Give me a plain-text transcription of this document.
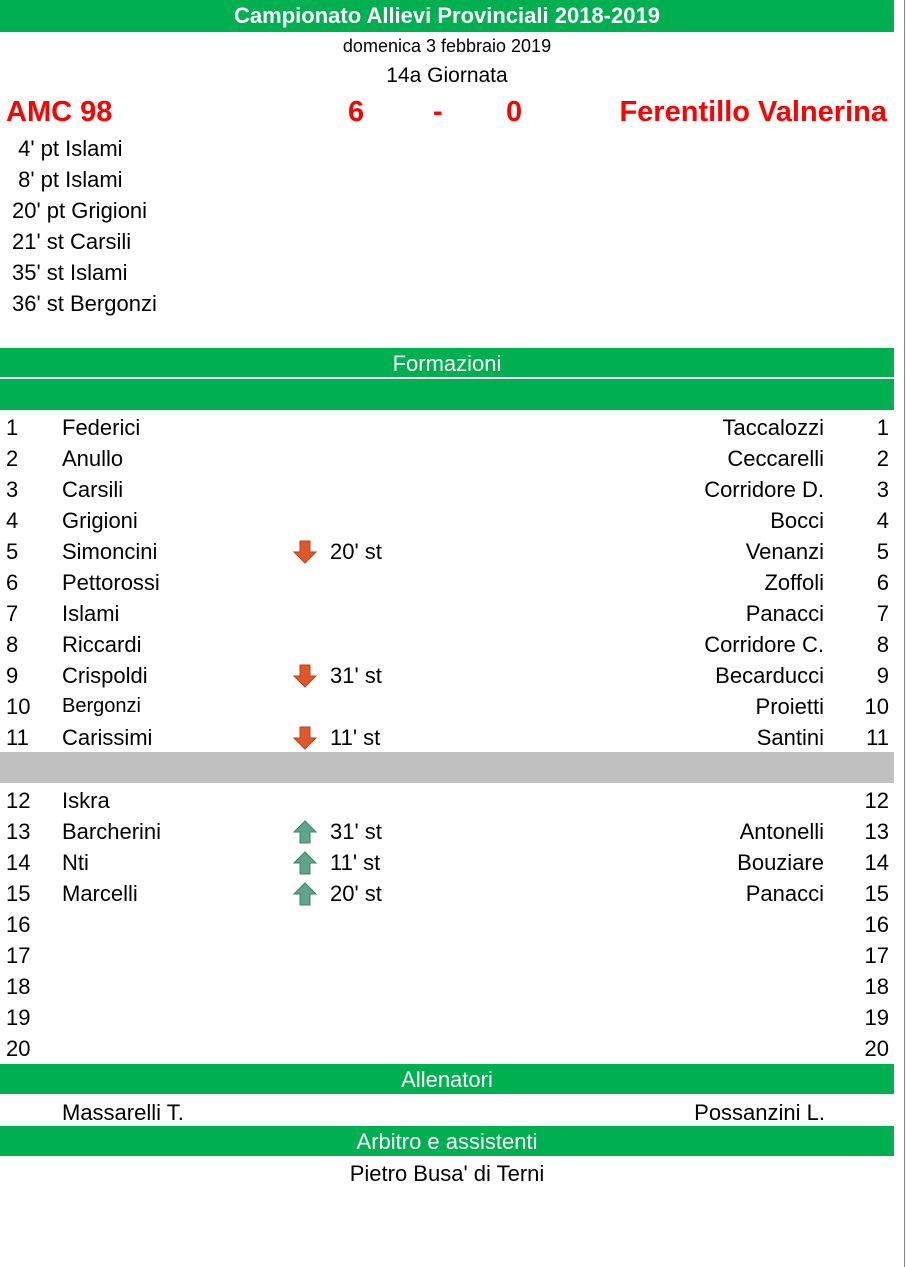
Campionato Allievi Provinciali 2018-2019
domenica 3 febbraio 2019
14a Giornata
AMC 98	6 - 0	Ferentillo Valnerina
4' pt Islami
8' pt Islami
20' pt Grigioni
21' st Carsili
35' st Islami
36' st Bergonzi
Formazioni
1 Federici	Taccalozzi 1
2 Anullo	Ceccarelli 2
3 Carsili	Corridore D. 3
4 Grigioni	Bocci 4
5 Simoncini	20' st	Venanzi 5
6 Pettorossi	Zoffoli 6
7 Islami	Panacci 7
8 Riccardi	Corridore C. 8
9 Crispoldi	31' st	Becarducci 9
10 Bergonzi	Proietti 10
11 Carissimi	11' st	Santini 11
12 Iskra	12
13 Barcherini	31' st	Antonelli 13
14 Nti	11' st	Bouziare 14
15 Marcelli	20' st	Panacci 15
16	16
17	17
18	18
19	19
20	20
Allenatori
Massarelli T.	Possanzini L.
Arbitro e assistenti
Pietro Busa' di Terni
